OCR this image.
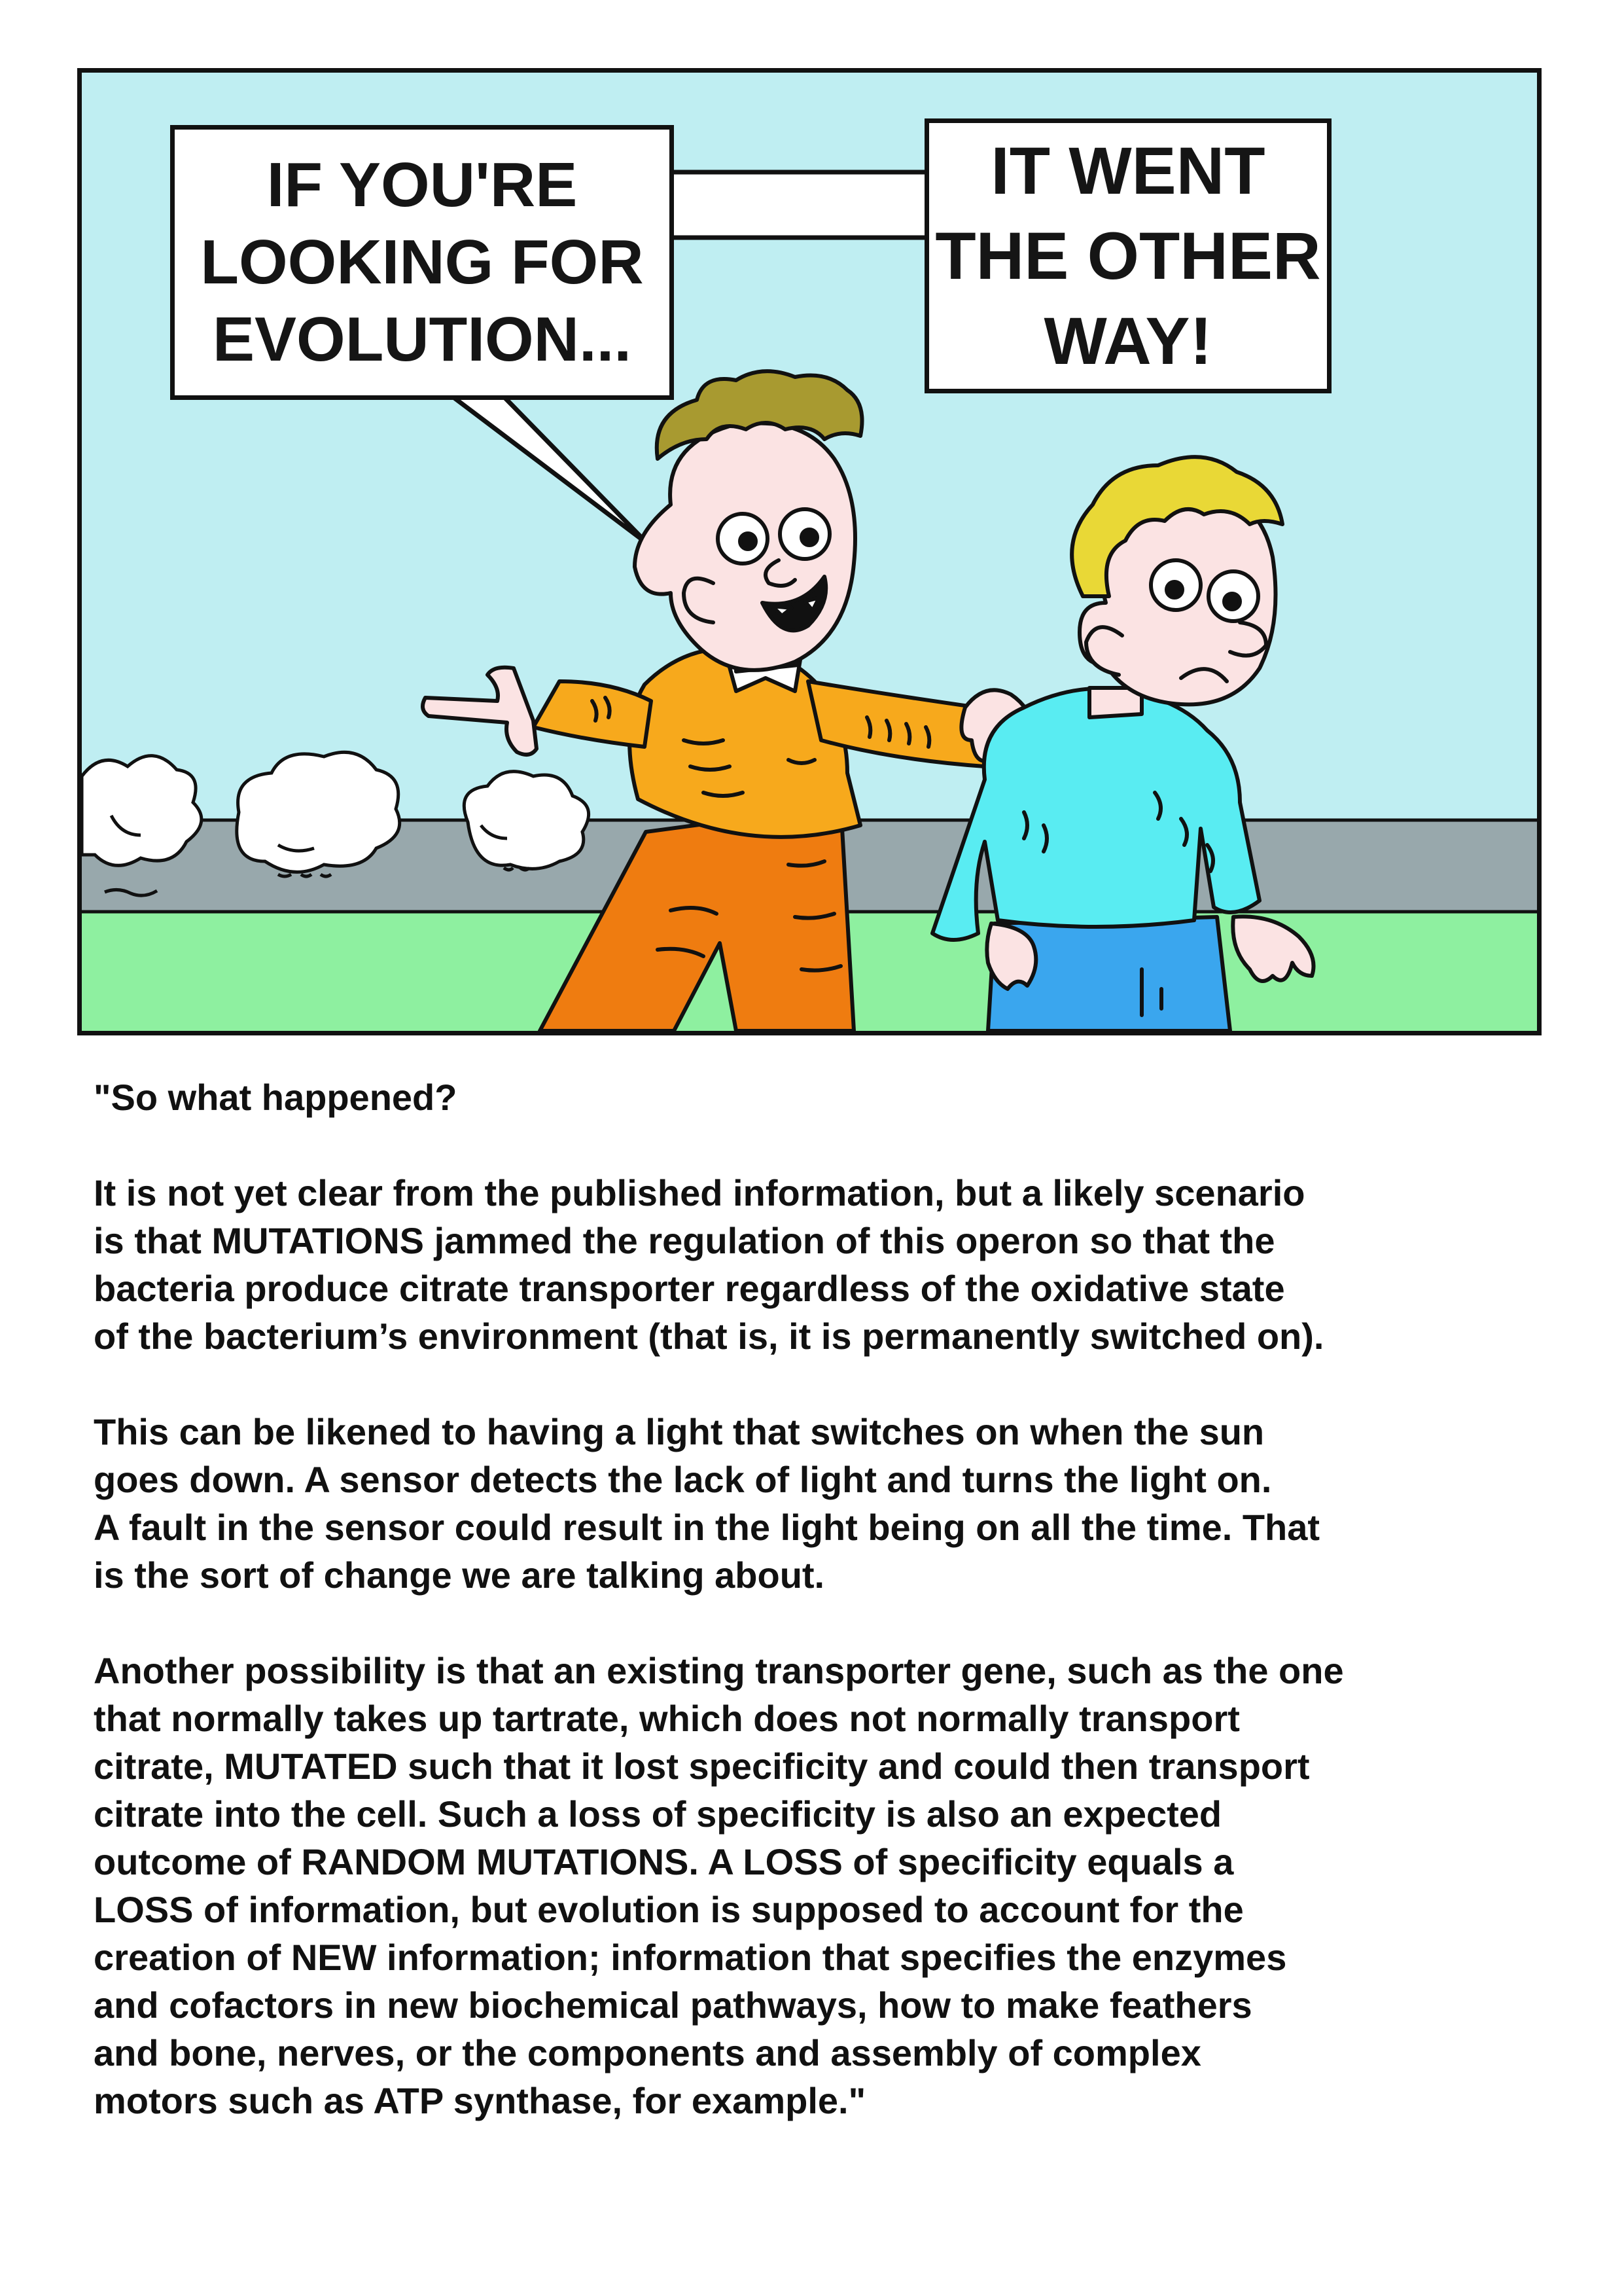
IF YOU'RE
LOOKING FOR
EVOLUTION...
IT WENT
THE OTHER
WAY!

"So what happened?

It is not yet clear from the published information, but a likely scenario
is that MUTATIONS jammed the regulation of this operon so that the
bacteria produce citrate transporter regardless of the oxidative state
of the bacterium’s environment (that is, it is permanently switched on).

This can be likened to having a light that switches on when the sun
goes down. A sensor detects the lack of light and turns the light on.
A fault in the sensor could result in the light being on all the time. That
is the sort of change we are talking about.

Another possibility is that an existing transporter gene, such as the one
that normally takes up tartrate, which does not normally transport
citrate, MUTATED such that it lost specificity and could then transport
citrate into the cell. Such a loss of specificity is also an expected
outcome of RANDOM MUTATIONS. A LOSS of specificity equals a
LOSS of information, but evolution is supposed to account for the
creation of NEW information; information that specifies the enzymes
and cofactors in new biochemical pathways, how to make feathers
and bone, nerves, or the components and assembly of complex
motors such as ATP synthase, for example."
